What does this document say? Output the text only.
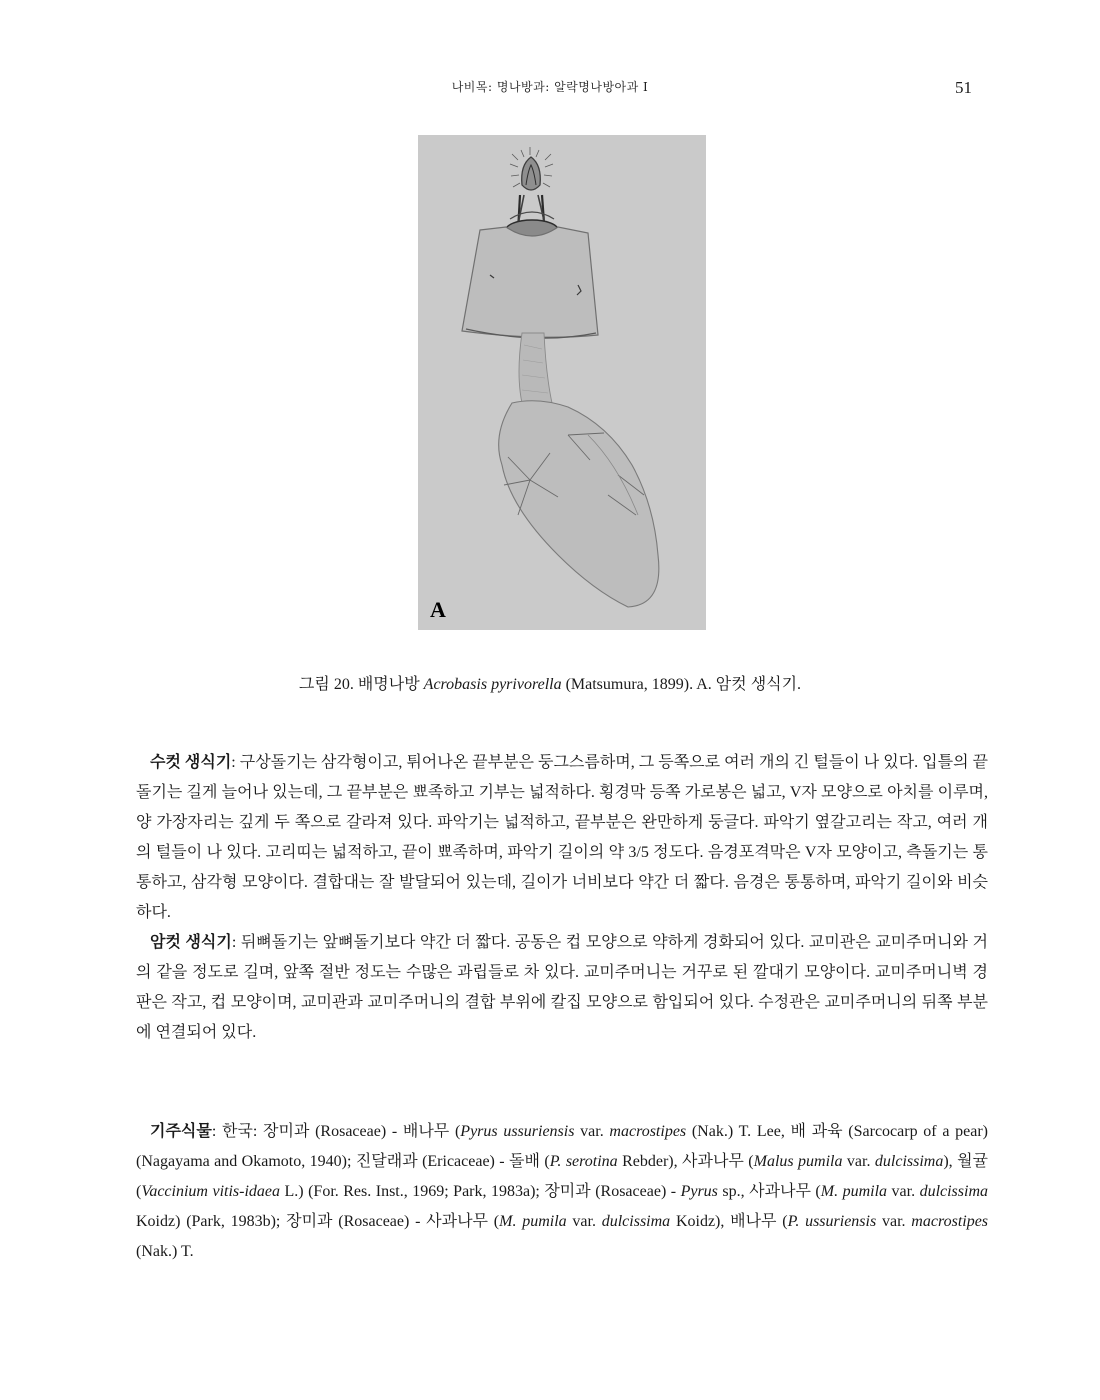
나비목: 명나방과: 알락명나방아과 I	51
A
그림 20. 배명나방 Acrobasis pyrivorella (Matsumura, 1899). A. 암컷 생식기.

수컷 생식기: 구상돌기는 삼각형이고, 튀어나온 끝부분은 둥그스름하며, 그 등쪽으로 여러 개의 긴 털들이 나 있다. 입틀의 끝돌기는 길게 늘어나 있는데, 그 끝부분은 뾰족하고 기부는 넓적하다. 횡경막 등쪽 가로봉은 넓고, V자 모양으로 아치를 이루며, 양 가장자리는 깊게 두 쪽으로 갈라져 있다. 파악기는 넓적하고, 끝부분은 완만하게 둥글다. 파악기 옆갈고리는 작고, 여러 개의 털들이 나 있다. 고리띠는 넓적하고, 끝이 뾰족하며, 파악기 길이의 약 3/5 정도다. 음경포격막은 V자 모양이고, 측돌기는 통통하고, 삼각형 모양이다. 결합대는 잘 발달되어 있는데, 길이가 너비보다 약간 더 짧다. 음경은 통통하며, 파악기 길이와 비슷하다.

암컷 생식기: 뒤뼈돌기는 앞뼈돌기보다 약간 더 짧다. 공동은 컵 모양으로 약하게 경화되어 있다. 교미관은 교미주머니와 거의 같을 정도로 길며, 앞쪽 절반 정도는 수많은 과립들로 차 있다. 교미주머니는 거꾸로 된 깔대기 모양이다. 교미주머니벽 경판은 작고, 컵 모양이며, 교미관과 교미주머니의 결합 부위에 칼집 모양으로 함입되어 있다. 수정관은 교미주머니의 뒤쪽 부분에 연결되어 있다.

기주식물: 한국: 장미과 (Rosaceae) - 배나무 (Pyrus ussuriensis var. macrostipes (Nak.) T. Lee, 배 과육 (Sarcocarp of a pear) (Nagayama and Okamoto, 1940); 진달래과 (Ericaceae) - 돌배 (P. serotina Rebder), 사과나무 (Malus pumila var. dulcissima), 월귤 (Vaccinium vitis-idaea L.) (For. Res. Inst., 1969; Park, 1983a); 장미과 (Rosaceae) - Pyrus sp., 사과나무 (M. pumila var. dulcissima Koidz) (Park, 1983b); 장미과 (Rosaceae) - 사과나무 (M. pumila var. dulcissima Koidz), 배나무 (P. ussuriensis var. macrostipes (Nak.) T.
